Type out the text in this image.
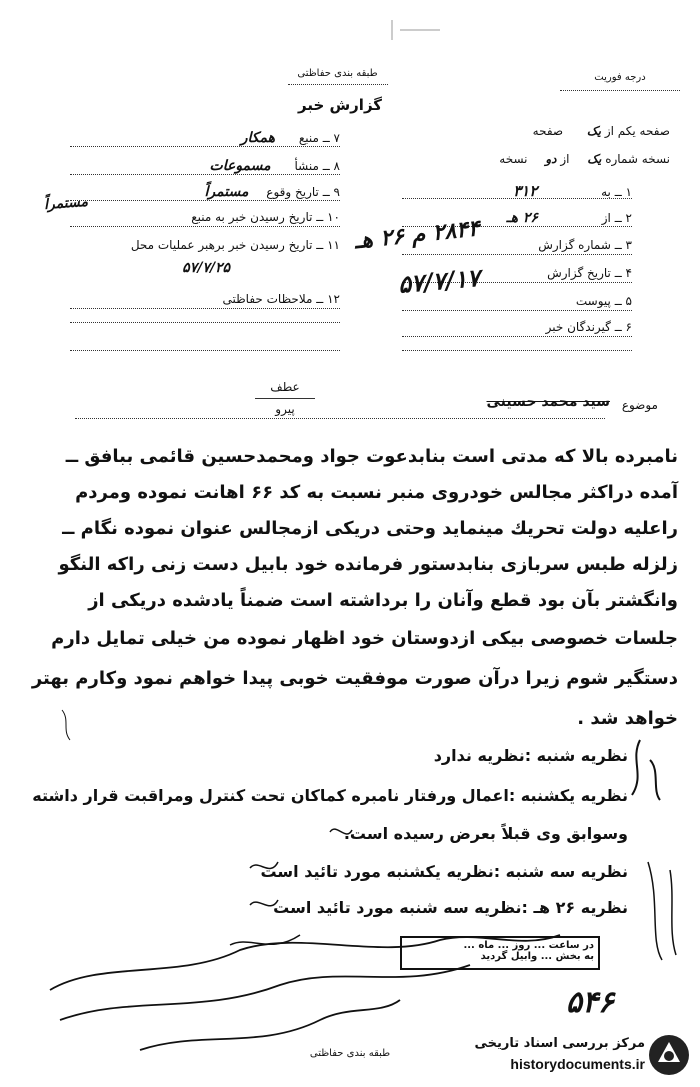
طبقه بندی حفاظتی	درجه فوریت
گزارش خبر
صفحه یکم از یک صفحه
نسخه شماره یک از دو نسخه
۱ ــ به ۳۱۲
۲ ــ از ۲۶ هـ
۳ ــ شماره گزارش
۲۸۴۴ م ۲۶ هـ
۴ ــ تاریخ گزارش
۵۷/۷/۱۷
۵ ــ پیوست
۶ ــ گیرندگان خبر
۷ ــ منبع همکار
۸ ــ منشأ مسموعات
۹ ــ تاریخ وقوع مستمراً
۱۰ ــ تاریخ رسیدن خبر به منبع
مستمراً
۱۱ ــ تاریخ رسیدن خبر برهبر عملیات محل
۵۷/۷/۲۵
۱۲ ــ ملاحظات حفاظتی
عطف
پیرو	موضوع
سید محمد حسینی
نامبرده بالا که مدتی است بنابدعوت جواد ومحمدحسین قائمی ببافق ــ
آمده دراکثر مجالس خودروی منبر نسبت به کد ۶۶ اهانت نموده ومردم
راعلیه دولت تحریك مینماید وحتی دریکی ازمجالس عنوان نموده نگام ــ
زلزله طبس سربازی بنابدستور فرمانده خود بابیل دست زنی راکه النگو
وانگشتر بآن بود قطع وآنان را برداشته است ضمناً یادشده دریکی از
جلسات خصوصی بیکی ازدوستان خود اظهار نموده من خیلی تمایل دارم
دستگیر شوم زیرا درآن صورت موفقیت خوبی پیدا خواهم نمود وکارم بهتر
خواهد شد .
نظریه شنبه :نظریه ندارد
نظریه یکشنبه :اعمال ورفتار نامبره کماکان تحت کنترل ومراقبت قرار داشته
وسوابق وی قبلاً بعرض رسیده است.
نظریه سه شنبه :نظریه یکشنبه مورد تائید است
نظریه ۲۶ هـ :نظریه سه شنبه مورد تائید است
در ساعت ... روز ... ماه ...
به بخش ... وابیل گردید
۵۴۶
طبقه بندی حفاظتی
مرکز بررسی اسناد تاریخی
historydocuments.ir
